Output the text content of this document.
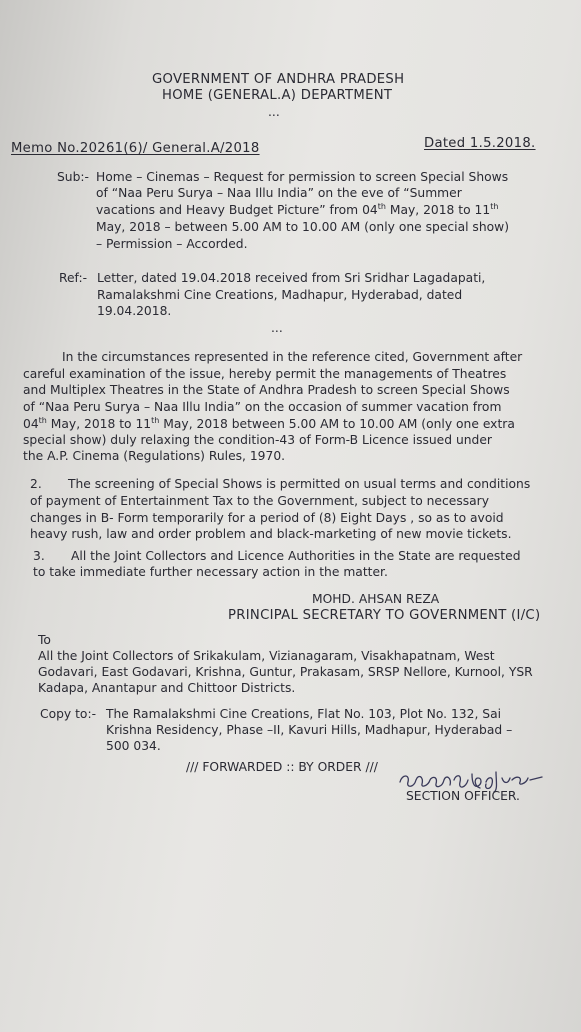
GOVERNMENT OF ANDHRA PRADESH
HOME (GENERAL.A) DEPARTMENT
...
Memo No.20261(6)/ General.A/2018	Dated 1.5.2018.
Sub:- Home – Cinemas – Request for permission to screen Special Shows
of “Naa Peru Surya – Naa Illu India” on the eve of “Summer
vacations and Heavy Budget Picture” from 04th May, 2018 to 11th
May, 2018 – between 5.00 AM to 10.00 AM (only one special show)
– Permission – Accorded.
Ref:- Letter, dated 19.04.2018 received from Sri Sridhar Lagadapati,
Ramalakshmi Cine Creations, Madhapur, Hyderabad, dated
19.04.2018.
...
In the circumstances represented in the reference cited, Government after
careful examination of the issue, hereby permit the managements of Theatres
and Multiplex Theatres in the State of Andhra Pradesh to screen Special Shows
of “Naa Peru Surya – Naa Illu India” on the occasion of summer vacation from
04th May, 2018 to 11th May, 2018 between 5.00 AM to 10.00 AM (only one extra
special show) duly relaxing the condition-43 of Form-B Licence issued under
the A.P. Cinema (Regulations) Rules, 1970.
2. The screening of Special Shows is permitted on usual terms and conditions
of payment of Entertainment Tax to the Government, subject to necessary
changes in B- Form temporarily for a period of (8) Eight Days , so as to avoid
heavy rush, law and order problem and black-marketing of new movie tickets.
3. All the Joint Collectors and Licence Authorities in the State are requested
to take immediate further necessary action in the matter.
MOHD. AHSAN REZA
PRINCIPAL SECRETARY TO GOVERNMENT (I/C)
To
All the Joint Collectors of Srikakulam, Vizianagaram, Visakhapatnam, West
Godavari, East Godavari, Krishna, Guntur, Prakasam, SRSP Nellore, Kurnool, YSR
Kadapa, Anantapur and Chittoor Districts.
Copy to:- The Ramalakshmi Cine Creations, Flat No. 103, Plot No. 132, Sai
Krishna Residency, Phase –II, Kavuri Hills, Madhapur, Hyderabad –
500 034.
/// FORWARDED :: BY ORDER ///
SECTION OFFICER.
